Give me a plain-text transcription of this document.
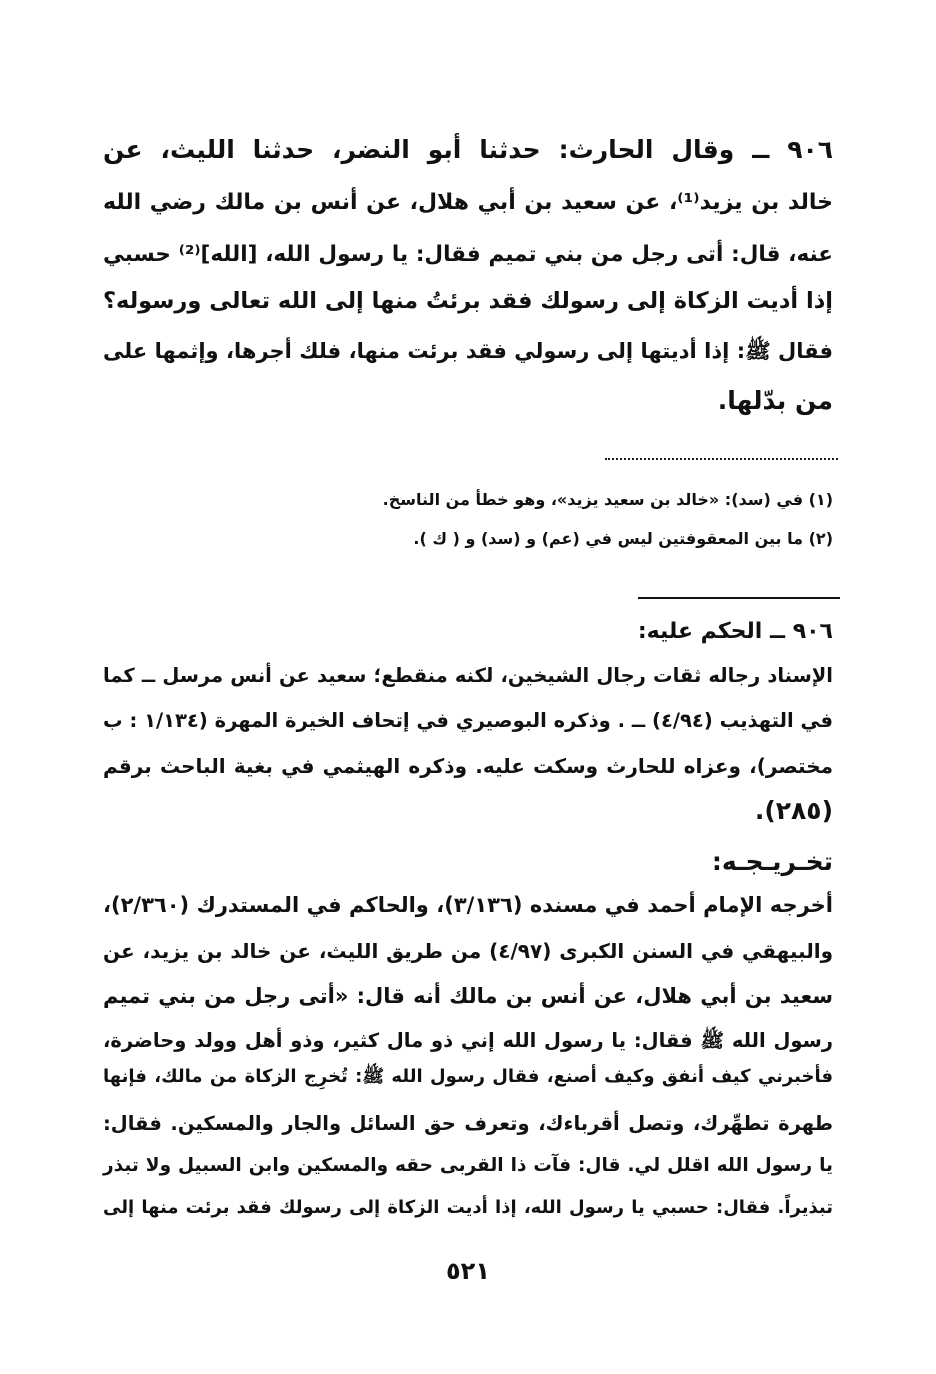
٩٠٦ ــ وقال الحارث: حدثنا أبو النضر، حدثنا الليث، عن
خالد بن يزيد⁽¹⁾، عن سعيد بن أبي هلال، عن أنس بن مالك رضي الله
عنه، قال: أتى رجل من بني تميم فقال: يا رسول الله، [الله]⁽²⁾ حسبي
إذا أديت الزكاة إلى رسولك فقد برئتُ منها إلى الله تعالى ورسوله؟
فقال ﷺ: إذا أديتها إلى رسولي فقد برئت منها، فلك أجرها، وإثمها على
من بدّلها.
(١) في (سد): «خالد بن سعيد يزيد»، وهو خطأ من الناسخ.
(٢) ما بين المعقوفتين ليس في (عم) و (سد) و ( ك ).
٩٠٦ ــ الحكم عليه:
الإسناد رجاله ثقات رجال الشيخين، لكنه منقطع؛ سعيد عن أنس مرسل ــ كما
في التهذيب (٤/٩٤) ــ . وذكره البوصيري في إتحاف الخيرة المهرة (١/١٣٤ : ب
مختصر)، وعزاه للحارث وسكت عليه. وذكره الهيثمي في بغية الباحث برقم
(٢٨٥).
تخـريـجـه:
أخرجه الإمام أحمد في مسنده (٣/١٣٦)، والحاكم في المستدرك (٢/٣٦٠)،
والبيهقي في السنن الكبرى (٤/٩٧) من طريق الليث، عن خالد بن يزيد، عن
سعيد بن أبي هلال، عن أنس بن مالك أنه قال: «أتى رجل من بني تميم
رسول الله ﷺ فقال: يا رسول الله إني ذو مال كثير، وذو أهل وولد وحاضرة،
فأخبرني كيف أنفق وكيف أصنع، فقال رسول الله ﷺ: تُخرِج الزكاة من مالك، فإنها
طهرة تطهِّرك، وتصل أقرباءك، وتعرف حق السائل والجار والمسكين. فقال:
يا رسول الله اقلل لي. قال: فآت ذا القربى حقه والمسكين وابن السبيل ولا تبذر
تبذيراً. فقال: حسبي يا رسول الله، إذا أديت الزكاة إلى رسولك فقد برئت منها إلى
٥٢١
